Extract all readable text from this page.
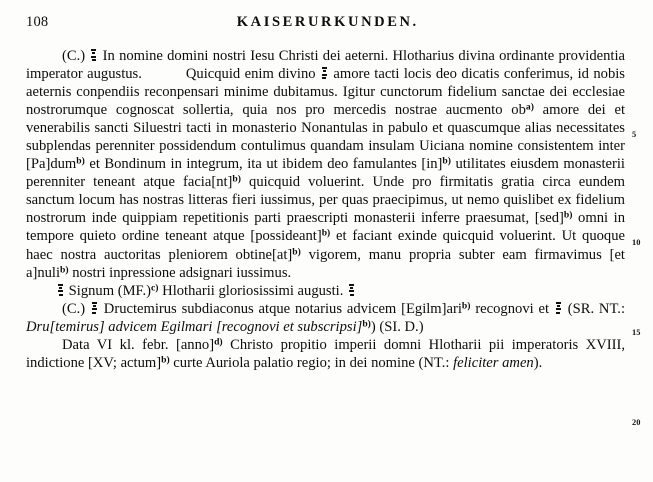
108	KAISERURKUNDEN.

(C.)
In nomine domini nostri Iesu Christi dei aeterni. Hlotharius divina ordinante providentia imperator augustus.	Quicquid enim divino
amore tacti locis deo dicatis conferimus, id nobis aeternis conpendiis reconpensari minime dubitamus. Igitur cunctorum fidelium sanctae dei ecclesiae nostrorumque cognoscat sollertia, quia nos pro mercedis nostrae aucmento $ob^{a)}$ amore dei et venerabilis sancti Siluestri tacti in monasterio Nonantulas in pabulo et quascumque alias necessitates subplendas perenniter possidendum contulimus quandam insulam Uiciana nomine consistentem inter [Pa]dum$^{b)}$ et Bondinum in integrum, ita ut ibidem deo famulantes [in]$^{b)}$ utilitates eiusdem monasterii perenniter teneant atque facia[nt]$^{b)}$ quicquid voluerint. Unde pro firmitatis gratia circa eundem sanctum locum has nostras litteras fieri iussimus, per quas praecipimus, ut nemo quislibet ex fidelium nostrorum inde quippiam repetitionis parti praescripti monasterii inferre praesumat, [sed]$^{b)}$ omni in tempore quieto ordine teneant atque [possideant]$^{b)}$ et faciant exinde quicquid voluerint. Ut quoque haec nostra auctoritas pleniorem obtine[at]$^{b)}$ vigorem, manu propria subter eam firmavimus [et a]nuli$^{b)}$ nostri inpressione adsignari iussimus.

Signum $(MF.)^{c)}$ Hlotharii gloriosissimi augusti.

(C.)
Dructemirus subdiaconus atque notarius advicem [Egilm]ari$^{b)}$ recognovi et
(SR. NT.: Dru[temirus] advicem Egilmari [recognovi et subscripsi]$^{b)}$) (SI. D.)

Data VI kl. febr. [anno]$^{d)}$ Christo propitio imperii domni Hlotharii pii imperatoris XVIII, indictione [XV; actum]$^{b)}$ curte Auriola palatio regio; in dei nomine (NT.: feliciter amen).

5
10
15
20
